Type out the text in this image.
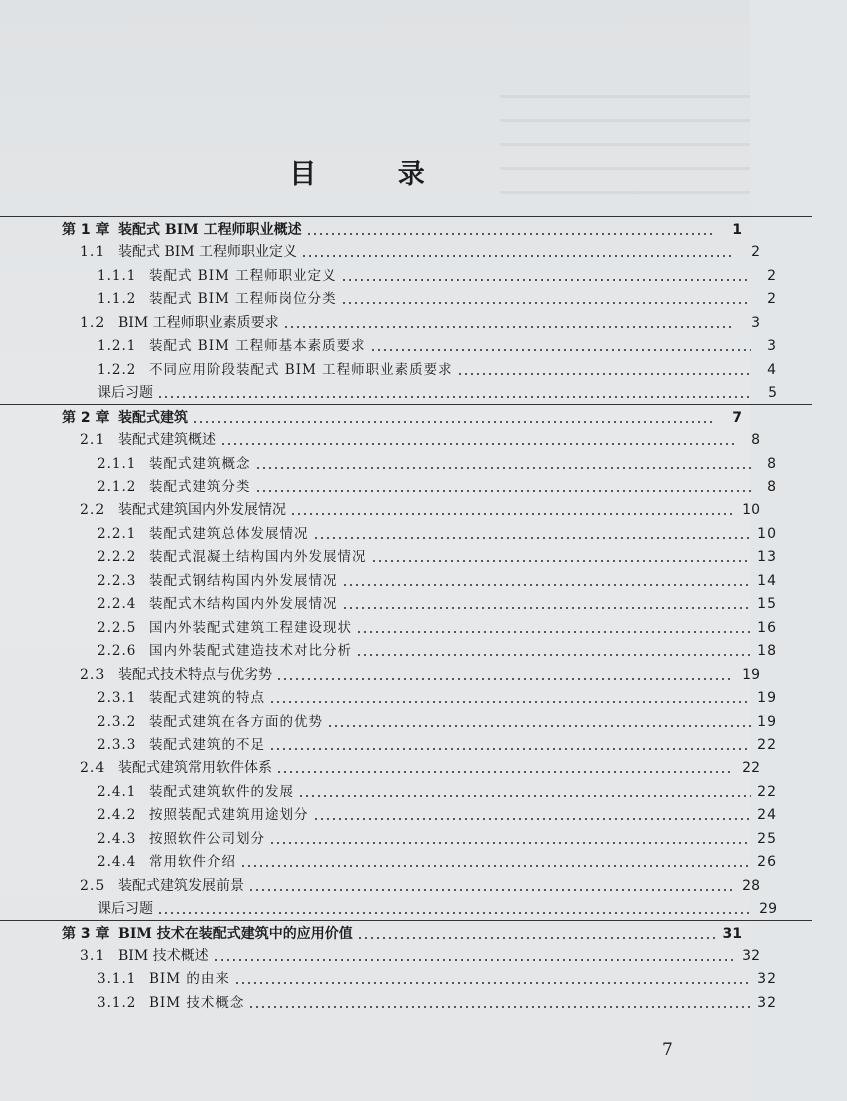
目 录
第 1 章 装配式 BIM 工程师职业概述	1
1.1 装配式 BIM 工程师职业定义	2
1.1.1 装配式 BIM 工程师职业定义	2
1.1.2 装配式 BIM 工程师岗位分类	2
1.2 BIM 工程师职业素质要求	3
1.2.1 装配式 BIM 工程师基本素质要求	3
1.2.2 不同应用阶段装配式 BIM 工程师职业素质要求	4
课后习题	5
第 2 章 装配式建筑	7
2.1 装配式建筑概述	8
2.1.1 装配式建筑概念	8
2.1.2 装配式建筑分类	8
2.2 装配式建筑国内外发展情况	10
2.2.1 装配式建筑总体发展情况	10
2.2.2 装配式混凝土结构国内外发展情况	13
2.2.3 装配式钢结构国内外发展情况	14
2.2.4 装配式木结构国内外发展情况	15
2.2.5 国内外装配式建筑工程建设现状	16
2.2.6 国内外装配式建造技术对比分析	18
2.3 装配式技术特点与优劣势	19
2.3.1 装配式建筑的特点	19
2.3.2 装配式建筑在各方面的优势	19
2.3.3 装配式建筑的不足	22
2.4 装配式建筑常用软件体系	22
2.4.1 装配式建筑软件的发展	22
2.4.2 按照装配式建筑用途划分	24
2.4.3 按照软件公司划分	25
2.4.4 常用软件介绍	26
2.5 装配式建筑发展前景	28
课后习题	29
第 3 章 BIM 技术在装配式建筑中的应用价值	31
3.1 BIM 技术概述	32
3.1.1 BIM 的由来	32
3.1.2 BIM 技术概念	32
7
